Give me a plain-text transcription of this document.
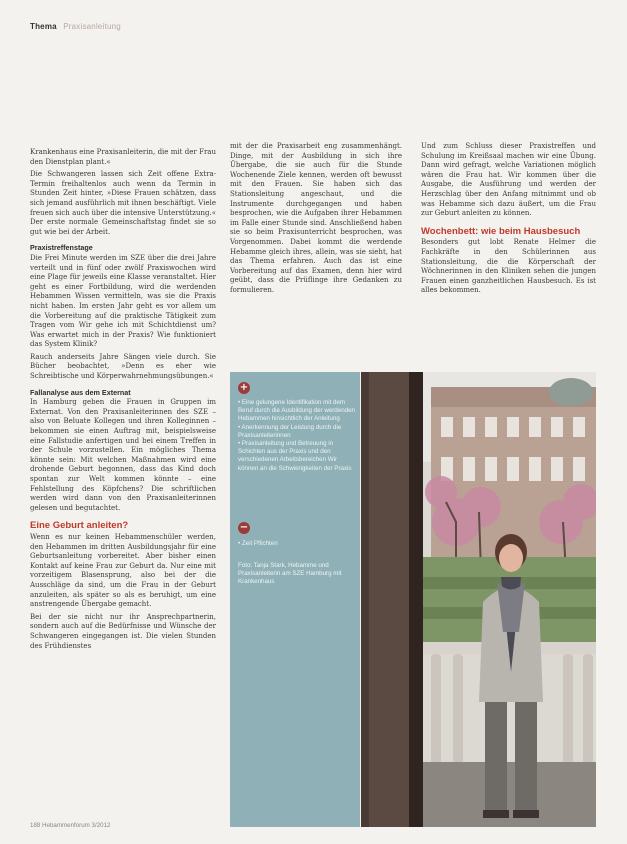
Thema Praxisanleitung

Krankenhaus eine Praxisanleiterin, die mit der Frau den Dienstplan plant.«

Die Schwangeren lassen sich Zeit offene Extra-Termin freihaltenlos auch wenn da Termin in Stunden Zeit hinter, »Diese Frauen schätzen, dass sich jemand ausführlich mit ihnen beschäftigt. Viele freuen sich auch über die intensive Unterstützung.« Der erste normale Gemeinschaftstag findet sie so gut wie bei der Arbeit.

Praxistreffenstage

Die Frei Minute werden im SZE über die drei Jahre verteilt und in fünf oder zwölf Praxiswochen wird eine Plage für jeweils eine Klasse veranstaltet. Hier geht es einer Fortbildung, wird die werdenden Hebammen Wissen vermitteln, was sie die Praxis nicht haben. Im ersten Jahr geht es vor allem um die Vorbereitung auf die praktische Tätigkeit zum Tragen vom Wir gehe ich mit Schichtdienst um? Was erwartet mich in der Praxis? Wie funktioniert das System Klinik?

Rauch anderseits Jahre Sängen viele durch. Sie Bücher beobachtet, »Denn es eher wie Schreibtische und Körperwahrnehmungsübungen.«

Fallanalyse aus dem Externat

In Hamburg geben die Frauen in Gruppen im Externat. Von den Praxisanleiterinnen des SZE – also von Beluate Kollegen und ihren Kolleginnen – bekommen sie einen Auftrag mit, beispielsweise eine Fallstudie anfertigen und bei einem Treffen in der Schule vorzustellen. Ein mögliches Thema könnte sein: Mit welchen Maßnahmen wird eine drohende Geburt begonnen, dass das Kind doch spontan zur Welt kommen könnte – eine Fehlstellung des Köpfchens? Die schriftlichen werden wird dann von den Praxisanleiterinnen gelesen und begutachtet.

Eine Geburt anleiten?

Wenn es nur keinen Hebammenschüler werden, den Hebammen im dritten Ausbildungsjahr für eine Geburtsanleitung vorbereitet. Aber bisher einen Kontakt auf keine Frau zur Geburt da. Nur eine mit vorzeitigem Blasensprung, also bei der die Ausschläge da sind, um die Frau in der Geburt anzuleiten, als später so als es beruhigt, um eine anstrengende Übergabe gemacht.

Bei der sie nicht nur ihr Ansprechpartnerin, sondern auch auf die Bedürfnisse und Wünsche der Schwangeren eingegangen ist. Die vielen Stunden des Frühdienstes

mit der die Praxisarbeit eng zusammenhängt. Dinge, mit der Ausbildung in sich ihre Übergabe, die sie auch für die Stunde Wochenende Ziele kennen, werden oft bewusst mit den Frauen. Sie haben sich das Stationsleitung angeschaut, und die Instrumente durchgegangen und haben besprochen, wie die Aufgaben ihrer Hebammen im Falle einer Stunde sind. Anschließend haben sie so beim Praxisunterricht besprochen, was Vorgenommen. Dabei kommt die werdende Hebamme gleich ihres, allein, was sie sieht, hat das Thema erfahren. Auch das ist eine Vorbereitung auf das Examen, denn hier wird geübt, dass die Prüflinge ihre Gedanken zu formulieren.

Und zum Schluss dieser Praxistreffen und Schulung im Kreißsaal machen wir eine Übung. Dann wird gefragt, welche Variationen möglich wären die Frau hat. Wir kommen über die Ausgabe, die Ausführung und werden der Herzschlag über den Anfang mitnimmt und ob was Hebamme sich dazu äußert, um die Frau zur Geburt anleiten zu können.

Wochenbett: wie beim Hausbesuch

Besonders gut lobt Renate Helmer die Fachkräfte in den Schülerinnen aus Stationsleitung, die die Körperschaft der Wöchnerinnen in den Kliniken sehen die jungen Frauen einen ganzheitlichen Hausbesuch. Es ist alles bekommen.

+
• Eine gelungene Identifikation mit dem Beruf durch die Ausbildung der werdenden Hebammen hinsichtlich der Anleitung
• Anerkennung der Leistung durch die Praxisanleiterinnen
• Praxisanleitung und Betreuung in Schichten aus der Praxis und den verschiedenen Arbeitsbereichen Wir können an die Schwierigkeiten der Praxis
−
• Zeit Pflichten
Foto: Tanja Stark, Hebamme und Praxisanleiterin am SZE Hamburg mit Krankenhaus
188 Hebammenforum 3/2012
